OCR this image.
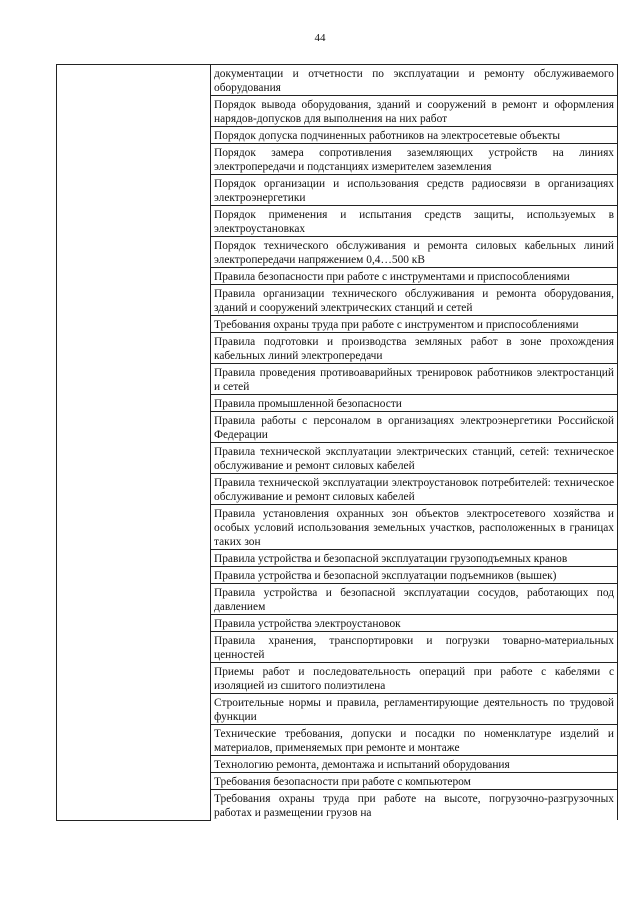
44
	документации и отчетности по эксплуатации и ремонту обслуживаемого оборудования
Порядок вывода оборудования, зданий и сооружений в ремонт и оформления нарядов-допусков для выполнения на них работ
Порядок допуска подчиненных работников на электросетевые объекты
Порядок замера сопротивления заземляющих устройств на линиях электропередачи и подстанциях измерителем заземления
Порядок организации и использования средств радиосвязи в организациях электроэнергетики
Порядок применения и испытания средств защиты, используемых в электроустановках
Порядок технического обслуживания и ремонта силовых кабельных линий электропередачи напряжением 0,4…500 кВ
Правила безопасности при работе с инструментами и приспособлениями
Правила организации технического обслуживания и ремонта оборудования, зданий и сооружений электрических станций и сетей
Требования охраны труда при работе с инструментом и приспособлениями
Правила подготовки и производства земляных работ в зоне прохождения кабельных линий электропередачи
Правила проведения противоаварийных тренировок работников электростанций и сетей
Правила промышленной безопасности
Правила работы с персоналом в организациях электроэнергетики Российской Федерации
Правила технической эксплуатации электрических станций, сетей: техническое обслуживание и ремонт силовых кабелей
Правила технической эксплуатации электроустановок потребителей: техническое обслуживание и ремонт силовых кабелей
Правила установления охранных зон объектов электросетевого хозяйства и особых условий использования земельных участков, расположенных в границах таких зон
Правила устройства и безопасной эксплуатации грузоподъемных кранов
Правила устройства и безопасной эксплуатации подъемников (вышек)
Правила устройства и безопасной эксплуатации сосудов, работающих под давлением
Правила устройства электроустановок
Правила хранения, транспортировки и погрузки товарно-материальных ценностей
Приемы работ и последовательность операций при работе с кабелями с изоляцией из сшитого полиэтилена
Строительные нормы и правила, регламентирующие деятельность по трудовой функции
Технические требования, допуски и посадки по номенклатуре изделий и материалов, применяемых при ремонте и монтаже
Технологию ремонта, демонтажа и испытаний оборудования
Требования безопасности при работе с компьютером
Требования охраны труда при работе на высоте, погрузочно-разгрузочных работах и размещении грузов на
